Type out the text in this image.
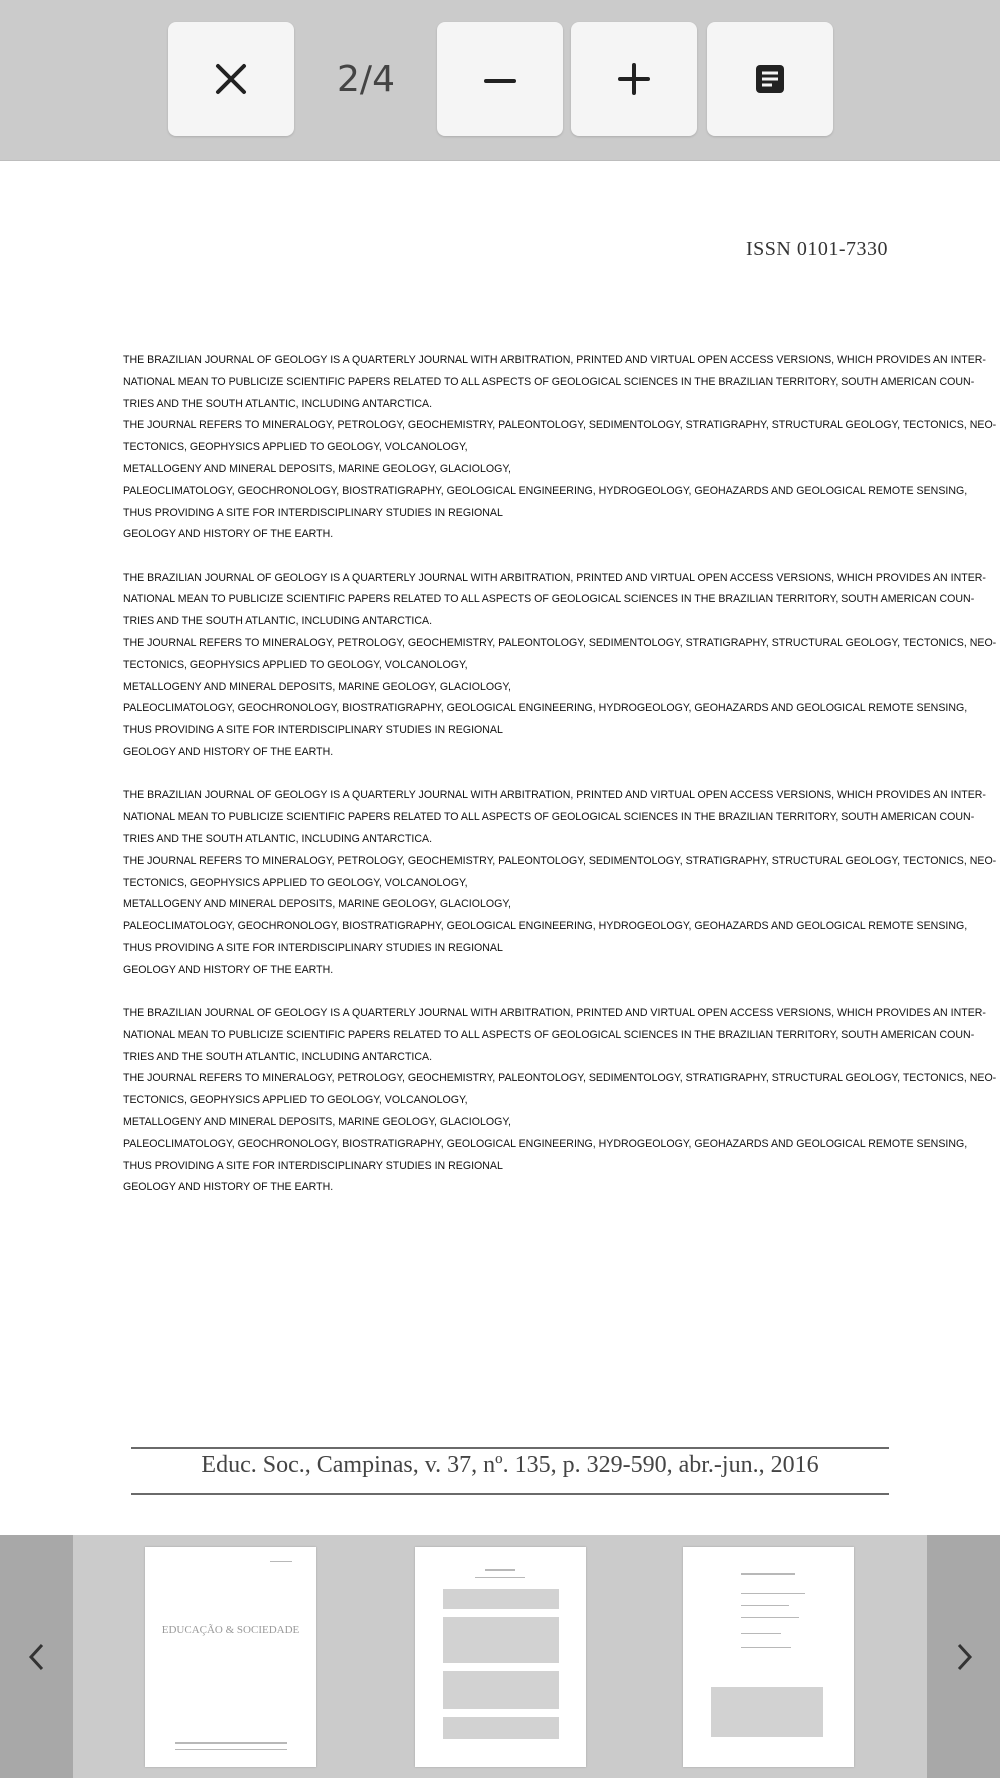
2/4
ISSN 0101-7330
THE BRAZILIAN JOURNAL OF GEOLOGY IS A QUARTERLY JOURNAL WITH ARBITRATION, PRINTED AND VIRTUAL OPEN ACCESS VERSIONS, WHICH PROVIDES AN INTER-
NATIONAL MEAN TO PUBLICIZE SCIENTIFIC PAPERS RELATED TO ALL ASPECTS OF GEOLOGICAL SCIENCES IN THE BRAZILIAN TERRITORY, SOUTH AMERICAN COUN-
TRIES AND THE SOUTH ATLANTIC, INCLUDING ANTARCTICA.
THE JOURNAL REFERS TO MINERALOGY, PETROLOGY, GEOCHEMISTRY, PALEONTOLOGY, SEDIMENTOLOGY, STRATIGRAPHY, STRUCTURAL GEOLOGY, TECTONICS, NEO-
TECTONICS, GEOPHYSICS APPLIED TO GEOLOGY, VOLCANOLOGY,
METALLOGENY AND MINERAL DEPOSITS, MARINE GEOLOGY, GLACIOLOGY,
PALEOCLIMATOLOGY, GEOCHRONOLOGY, BIOSTRATIGRAPHY, GEOLOGICAL ENGINEERING, HYDROGEOLOGY, GEOHAZARDS AND GEOLOGICAL REMOTE SENSING,
THUS PROVIDING A SITE FOR INTERDISCIPLINARY STUDIES IN REGIONAL
GEOLOGY AND HISTORY OF THE EARTH.
THE BRAZILIAN JOURNAL OF GEOLOGY IS A QUARTERLY JOURNAL WITH ARBITRATION, PRINTED AND VIRTUAL OPEN ACCESS VERSIONS, WHICH PROVIDES AN INTER-
NATIONAL MEAN TO PUBLICIZE SCIENTIFIC PAPERS RELATED TO ALL ASPECTS OF GEOLOGICAL SCIENCES IN THE BRAZILIAN TERRITORY, SOUTH AMERICAN COUN-
TRIES AND THE SOUTH ATLANTIC, INCLUDING ANTARCTICA.
THE JOURNAL REFERS TO MINERALOGY, PETROLOGY, GEOCHEMISTRY, PALEONTOLOGY, SEDIMENTOLOGY, STRATIGRAPHY, STRUCTURAL GEOLOGY, TECTONICS, NEO-
TECTONICS, GEOPHYSICS APPLIED TO GEOLOGY, VOLCANOLOGY,
METALLOGENY AND MINERAL DEPOSITS, MARINE GEOLOGY, GLACIOLOGY,
PALEOCLIMATOLOGY, GEOCHRONOLOGY, BIOSTRATIGRAPHY, GEOLOGICAL ENGINEERING, HYDROGEOLOGY, GEOHAZARDS AND GEOLOGICAL REMOTE SENSING,
THUS PROVIDING A SITE FOR INTERDISCIPLINARY STUDIES IN REGIONAL
GEOLOGY AND HISTORY OF THE EARTH.
THE BRAZILIAN JOURNAL OF GEOLOGY IS A QUARTERLY JOURNAL WITH ARBITRATION, PRINTED AND VIRTUAL OPEN ACCESS VERSIONS, WHICH PROVIDES AN INTER-
NATIONAL MEAN TO PUBLICIZE SCIENTIFIC PAPERS RELATED TO ALL ASPECTS OF GEOLOGICAL SCIENCES IN THE BRAZILIAN TERRITORY, SOUTH AMERICAN COUN-
TRIES AND THE SOUTH ATLANTIC, INCLUDING ANTARCTICA.
THE JOURNAL REFERS TO MINERALOGY, PETROLOGY, GEOCHEMISTRY, PALEONTOLOGY, SEDIMENTOLOGY, STRATIGRAPHY, STRUCTURAL GEOLOGY, TECTONICS, NEO-
TECTONICS, GEOPHYSICS APPLIED TO GEOLOGY, VOLCANOLOGY,
METALLOGENY AND MINERAL DEPOSITS, MARINE GEOLOGY, GLACIOLOGY,
PALEOCLIMATOLOGY, GEOCHRONOLOGY, BIOSTRATIGRAPHY, GEOLOGICAL ENGINEERING, HYDROGEOLOGY, GEOHAZARDS AND GEOLOGICAL REMOTE SENSING,
THUS PROVIDING A SITE FOR INTERDISCIPLINARY STUDIES IN REGIONAL
GEOLOGY AND HISTORY OF THE EARTH.
THE BRAZILIAN JOURNAL OF GEOLOGY IS A QUARTERLY JOURNAL WITH ARBITRATION, PRINTED AND VIRTUAL OPEN ACCESS VERSIONS, WHICH PROVIDES AN INTER-
NATIONAL MEAN TO PUBLICIZE SCIENTIFIC PAPERS RELATED TO ALL ASPECTS OF GEOLOGICAL SCIENCES IN THE BRAZILIAN TERRITORY, SOUTH AMERICAN COUN-
TRIES AND THE SOUTH ATLANTIC, INCLUDING ANTARCTICA.
THE JOURNAL REFERS TO MINERALOGY, PETROLOGY, GEOCHEMISTRY, PALEONTOLOGY, SEDIMENTOLOGY, STRATIGRAPHY, STRUCTURAL GEOLOGY, TECTONICS, NEO-
TECTONICS, GEOPHYSICS APPLIED TO GEOLOGY, VOLCANOLOGY,
METALLOGENY AND MINERAL DEPOSITS, MARINE GEOLOGY, GLACIOLOGY,
PALEOCLIMATOLOGY, GEOCHRONOLOGY, BIOSTRATIGRAPHY, GEOLOGICAL ENGINEERING, HYDROGEOLOGY, GEOHAZARDS AND GEOLOGICAL REMOTE SENSING,
THUS PROVIDING A SITE FOR INTERDISCIPLINARY STUDIES IN REGIONAL
GEOLOGY AND HISTORY OF THE EARTH.
Educ. Soc., Campinas, v. 37, nº. 135, p. 329-590, abr.-jun., 2016
EDUCAÇÃO & SOCIEDADE
